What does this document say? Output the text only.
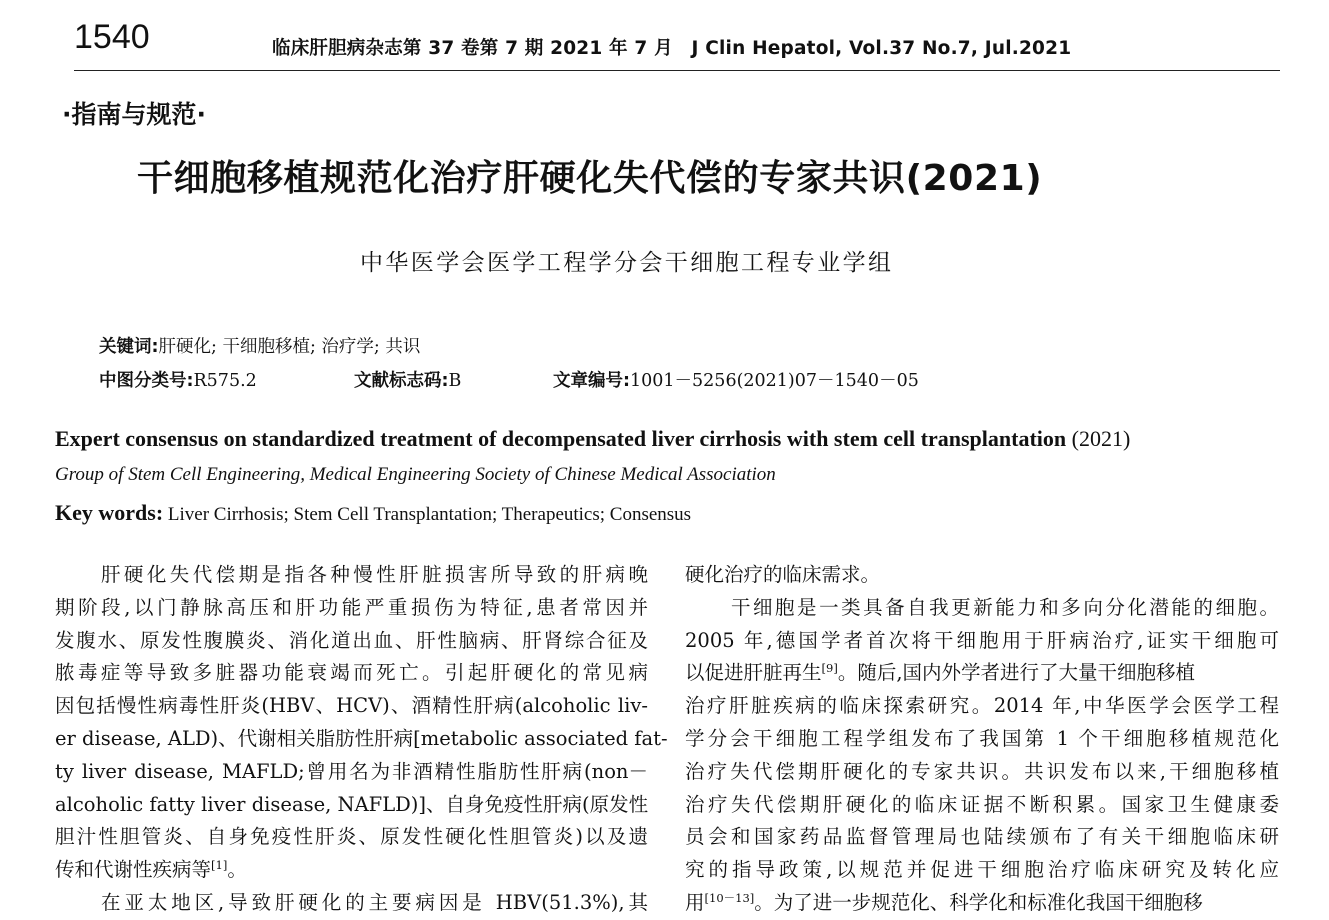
1540	临床肝胆病杂志第 37 卷第 7 期 2021 年 7 月　J Clin Hepatol, Vol.37 No.7, Jul.2021
·指南与规范·
干细胞移植规范化治疗肝硬化失代偿的专家共识(2021)
中华医学会医学工程学分会干细胞工程专业学组
关键词:肝硬化; 干细胞移植; 治疗学; 共识
中图分类号:R575.2	文献标志码:B	文章编号:1001－5256(2021)07－1540－05
Expert consensus on standardized treatment of decompensated liver cirrhosis with stem cell transplantation (2021)
Group of Stem Cell Engineering, Medical Engineering Society of Chinese Medical Association
Key words: Liver Cirrhosis; Stem Cell Transplantation; Therapeutics; Consensus
肝硬化失代偿期是指各种慢性肝脏损害所导致的肝病晚
期阶段,以门静脉高压和肝功能严重损伤为特征,患者常因并
发腹水、原发性腹膜炎、消化道出血、肝性脑病、肝肾综合征及
脓毒症等导致多脏器功能衰竭而死亡。引起肝硬化的常见病
因包括慢性病毒性肝炎(HBV、HCV)、酒精性肝病(alcoholic liv-
er disease, ALD)、代谢相关脂肪性肝病[metabolic associated fat-
ty liver disease, MAFLD;曾用名为非酒精性脂肪性肝病(non－
alcoholic fatty liver disease, NAFLD)]、自身免疫性肝病(原发性
胆汁性胆管炎、自身免疫性肝炎、原发性硬化性胆管炎)以及遗
传和代谢性疾病等[1]。
在亚太地区,导致肝硬化的主要病因是 HBV(51.3%),其
硬化治疗的临床需求。
干细胞是一类具备自我更新能力和多向分化潜能的细胞。
2005 年,德国学者首次将干细胞用于肝病治疗,证实干细胞可
以促进肝脏再生[9]。随后,国内外学者进行了大量干细胞移植
治疗肝脏疾病的临床探索研究。2014 年,中华医学会医学工程
学分会干细胞工程学组发布了我国第 1 个干细胞移植规范化
治疗失代偿期肝硬化的专家共识。共识发布以来,干细胞移植
治疗失代偿期肝硬化的临床证据不断积累。国家卫生健康委
员会和国家药品监督管理局也陆续颁布了有关干细胞临床研
究的指导政策,以规范并促进干细胞治疗临床研究及转化应
用[10－13]。为了进一步规范化、科学化和标准化我国干细胞移
